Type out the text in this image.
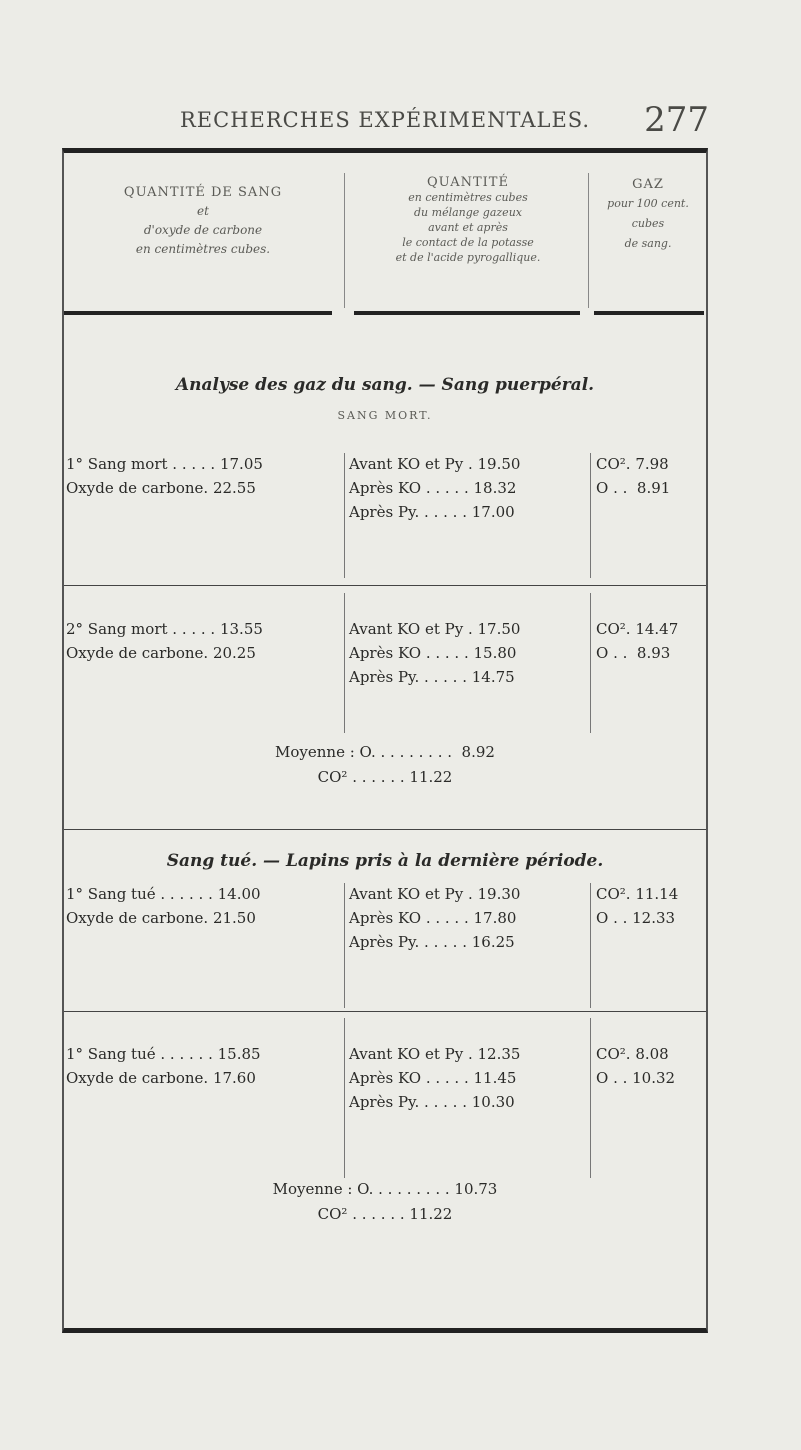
RECHERCHES EXPÉRIMENTALES. 277
QUANTITÉ DE SANG
et
d'oxyde de carbone
en centimètres cubes.
QUANTITÉ
en centimètres cubes
du mélange gazeux
avant et après
le contact de la potasse
et de l'acide pyrogallique.
GAZ
pour 100 cent.
cubes
de sang.
Analyse des gaz du sang. — Sang puerpéral.
SANG MORT.
1° Sang mort . . . . . 17.05
Oxyde de carbone. 22.55
Avant KO et Py . 19.50
Après KO . . . . . 18.32
Après Py. . . . . . 17.00
CO². 7.98
O . .  8.91
2° Sang mort . . . . . 13.55
Oxyde de carbone. 20.25
Avant KO et Py . 17.50
Après KO . . . . . 15.80
Après Py. . . . . . 14.75
CO². 14.47
O . .  8.93
Moyenne : O. . . . . . . . .  8.92
CO² . . . . . . 11.22
Sang tué. — Lapins pris à la dernière période.
1° Sang tué . . . . . . 14.00
Oxyde de carbone. 21.50
Avant KO et Py . 19.30
Après KO . . . . . 17.80
Après Py. . . . . . 16.25
CO². 11.14
O . . 12.33
1° Sang tué . . . . . . 15.85
Oxyde de carbone. 17.60
Avant KO et Py . 12.35
Après KO . . . . . 11.45
Après Py. . . . . . 10.30
CO². 8.08
O . . 10.32
Moyenne : O. . . . . . . . . 10.73
CO² . . . . . . 11.22
